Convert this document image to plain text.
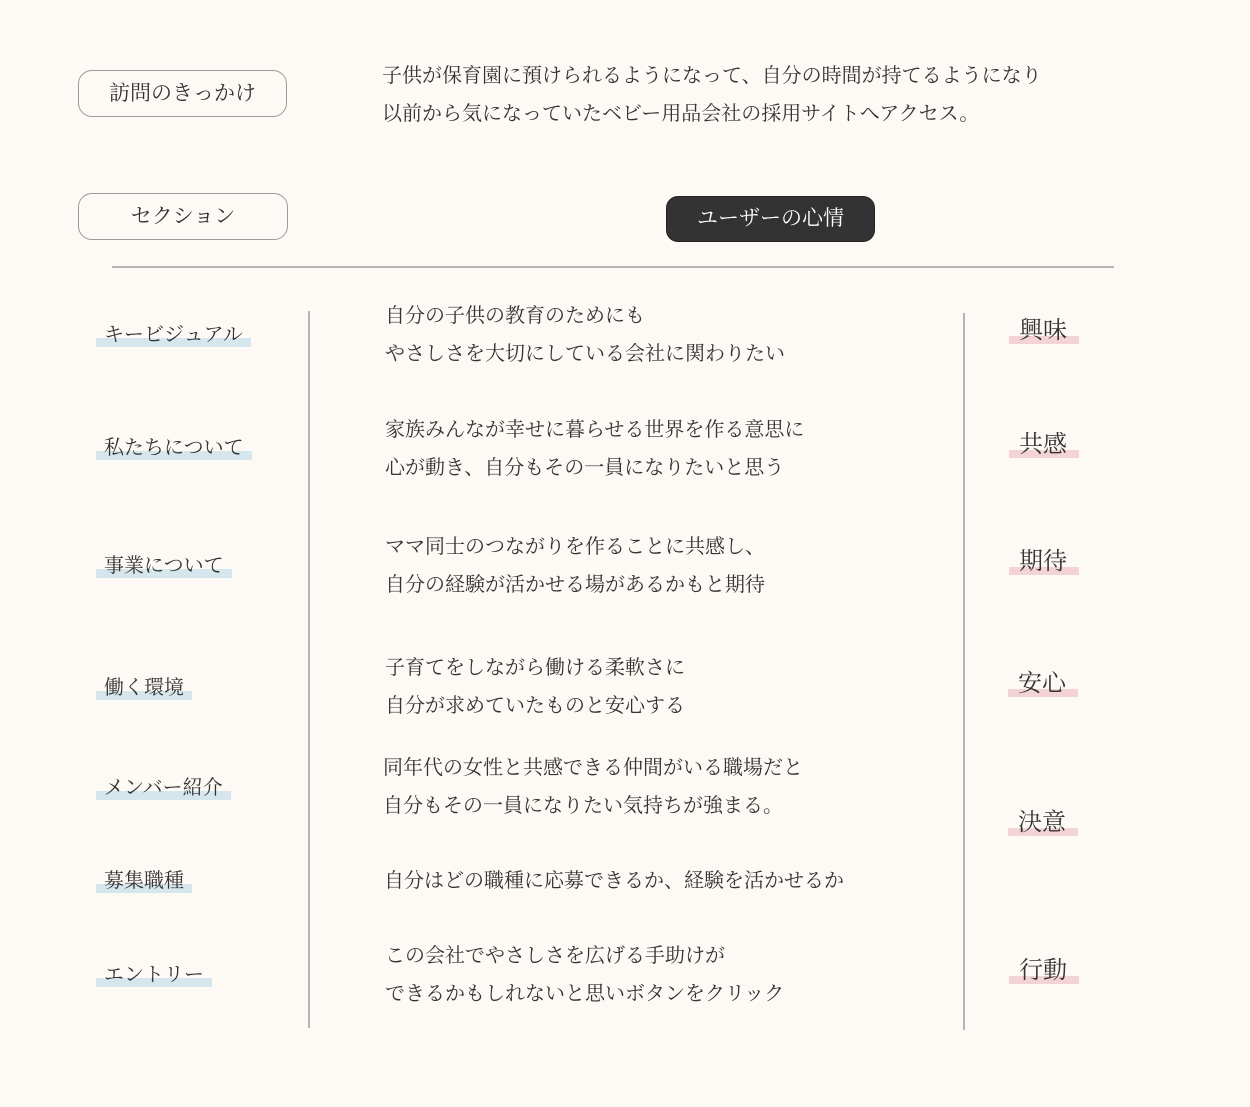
訪問のきっかけ
子供が保育園に預けられるようになって、自分の時間が持てるようになり
以前から気になっていたベビー用品会社の採用サイトへアクセス。
セクション	ユーザーの心情
キービジュアル
自分の子供の教育のためにも
やさしさを大切にしている会社に関わりたい
興味
私たちについて
家族みんなが幸せに暮らせる世界を作る意思に
心が動き、自分もその一員になりたいと思う
共感
事業について
ママ同士のつながりを作ることに共感し、
自分の経験が活かせる場があるかもと期待
期待
働く環境
子育てをしながら働ける柔軟さに
自分が求めていたものと安心する
安心
メンバー紹介
同年代の女性と共感できる仲間がいる職場だと
自分もその一員になりたい気持ちが強まる。
決意
募集職種	自分はどの職種に応募できるか、経験を活かせるか
エントリー
この会社でやさしさを広げる手助けが
できるかもしれないと思いボタンをクリック
行動
